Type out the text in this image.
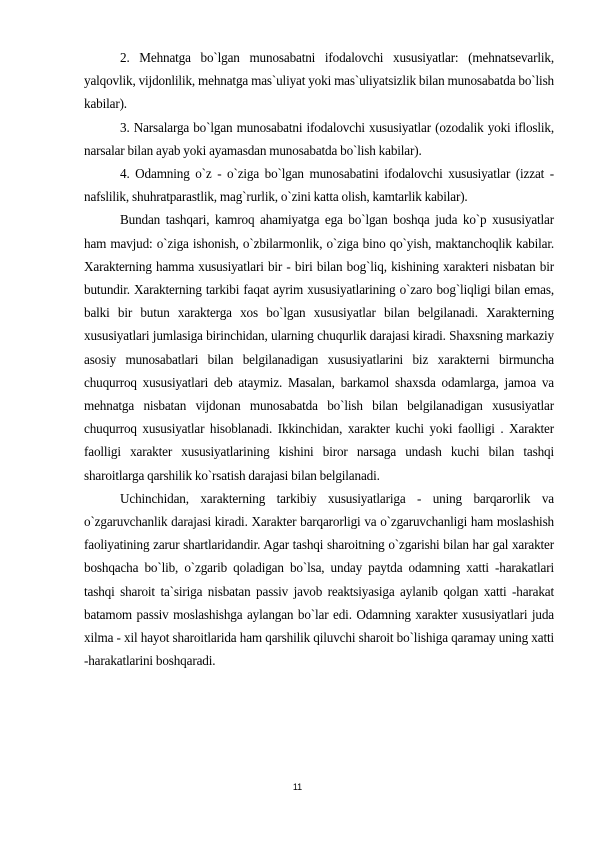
2. Mehnatga bo`lgan munosabatni ifodalovchi xususiyatlar: (mehnatsevarlik, yalqovlik, vijdonlilik, mehnatga mas`uliyat yoki mas`uliyatsizlik bilan munosabatda bo`lish kabilar).

3. Narsalarga bo`lgan munosabatni ifodalovchi xususiyatlar (ozodalik yoki ifloslik, narsalar bilan ayab yoki ayamasdan munosabatda bo`lish kabilar).

4. Odamning o`z - o`ziga bo`lgan munosabatini ifodalovchi xususiyatlar (izzat - nafslilik, shuhratparastlik, mag`rurlik, o`zini katta olish, kamtarlik kabilar).

Bundan tashqari, kamroq ahamiyatga ega bo`lgan boshqa juda ko`p xususiyatlar ham mavjud: o`ziga ishonish, o`zbilarmonlik, o`ziga bino qo`yish, maktanchoqlik kabilar. Xarakterning hamma xususiyatlari bir - biri bilan bog`liq, kishining xarakteri nisbatan bir butundir. Xarakterning tarkibi faqat ayrim xususiyatlarining o`zaro bog`liqligi bilan emas, balki bir butun xarakterga xos bo`lgan xususiyatlar bilan belgilanadi. Xarakterning xususiyatlari jumlasiga birinchidan, ularning chuqurlik darajasi kiradi. Shaxsning markaziy asosiy munosabatlari bilan belgilanadigan xususiyatlarini biz xarakterni birmuncha chuqurroq xususiyatlari deb ataymiz. Masalan, barkamol shaxsda odamlarga, jamoa va mehnatga nisbatan vijdonan munosabatda bo`lish bilan belgilanadigan xususiyatlar chuqurroq xususiyatlar hisoblanadi. Ikkinchidan, xarakter kuchi yoki faolligi . Xarakter faolligi xarakter xususiyatlarining kishini biror narsaga undash kuchi bilan tashqi sharoitlarga qarshilik ko`rsatish darajasi bilan belgilanadi.

Uchinchidan, xarakterning tarkibiy xususiyatlariga - uning barqarorlik va o`zgaruvchanlik darajasi kiradi. Xarakter barqarorligi va o`zgaruvchanligi ham moslashish faoliyatining zarur shartlaridandir. Agar tashqi sharoitning o`zgarishi bilan har gal xarakter boshqacha bo`lib, o`zgarib qoladigan bo`lsa, unday paytda odamning xatti -harakatlari tashqi sharoit ta`siriga nisbatan passiv javob reaktsiyasiga aylanib qolgan xatti -harakat batamom passiv moslashishga aylangan bo`lar edi. Odamning xarakter xususiyatlari juda xilma - xil hayot sharoitlarida ham qarshilik qiluvchi sharoit bo`lishiga qaramay uning xatti -harakatlarini boshqaradi.

11
